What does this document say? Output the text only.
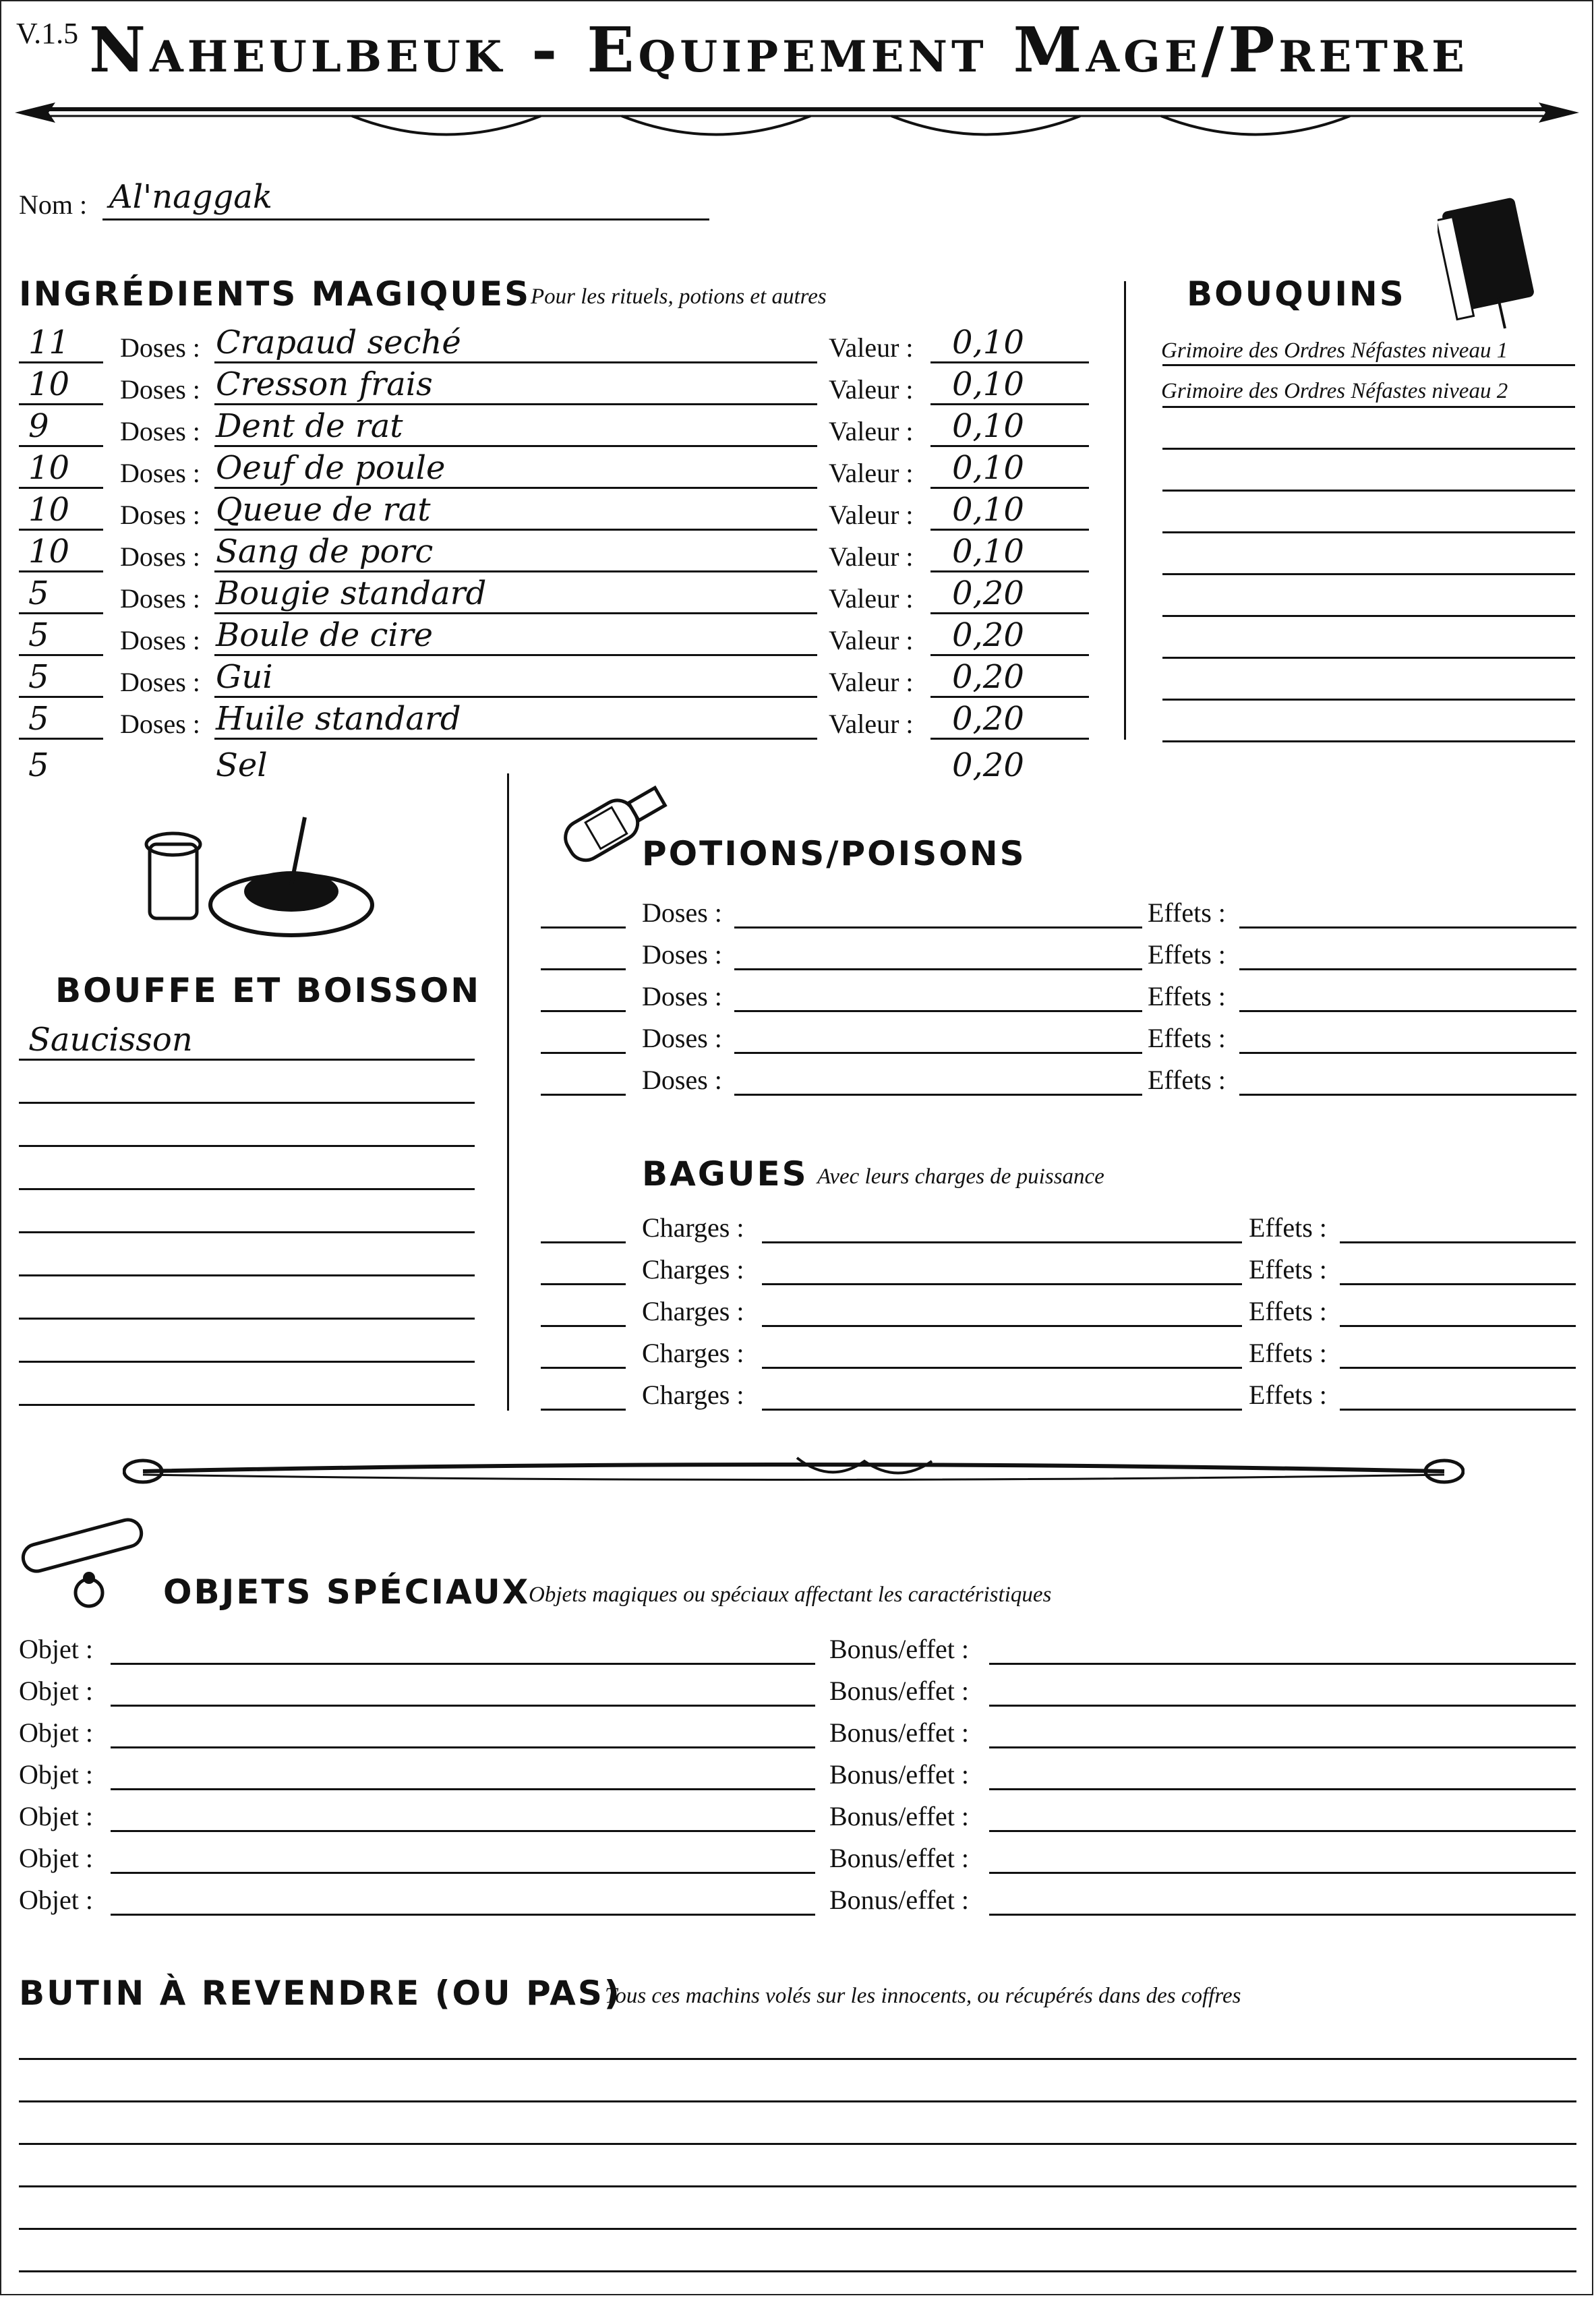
V.1.5 Naheulbeuk - Equipement Mage/Pretre
Nom : Al'naggak
INGRÉDIENTS MAGIQUES Pour les rituels, potions et autres
11 Doses : Crapaud seché	Valeur : 0,10
10 Doses : Cresson frais	Valeur : 0,10
9	Doses : Dent de rat	Valeur : 0,10
10 Doses : Oeuf de poule	Valeur : 0,10
10 Doses : Queue de rat	Valeur : 0,10
10 Doses : Sang de porc	Valeur : 0,10
5	Doses : Bougie standard	Valeur : 0,20
5	Doses : Boule de cire	Valeur : 0,20
5	Doses : Gui	Valeur : 0,20
5	Doses : Huile standard	Valeur : 0,20
5	Sel	0,20
BOUQUINS
Grimoire des Ordres Néfastes niveau 1
Grimoire des Ordres Néfastes niveau 2
BOUFFE ET BOISSON
Saucisson
POTIONS/POISONS
Doses :	Effets :
Doses :	Effets :
Doses :	Effets :
Doses :	Effets :
Doses :	Effets :
BAGUES Avec leurs charges de puissance
Charges :	Effets :
Charges :	Effets :
Charges :	Effets :
Charges :	Effets :
Charges :	Effets :
OBJETS SPÉCIAUX
Objets magiques ou spéciaux affectant les caractéristiques
Objet :	Bonus/effet :
Objet :	Bonus/effet :
Objet :	Bonus/effet :
Objet :	Bonus/effet :
Objet :	Bonus/effet :
Objet :	Bonus/effet :
Objet :	Bonus/effet :
BUTIN À REVENDRE (OU PAS)
Tous ces machins volés sur les innocents, ou récupérés dans des coffres
